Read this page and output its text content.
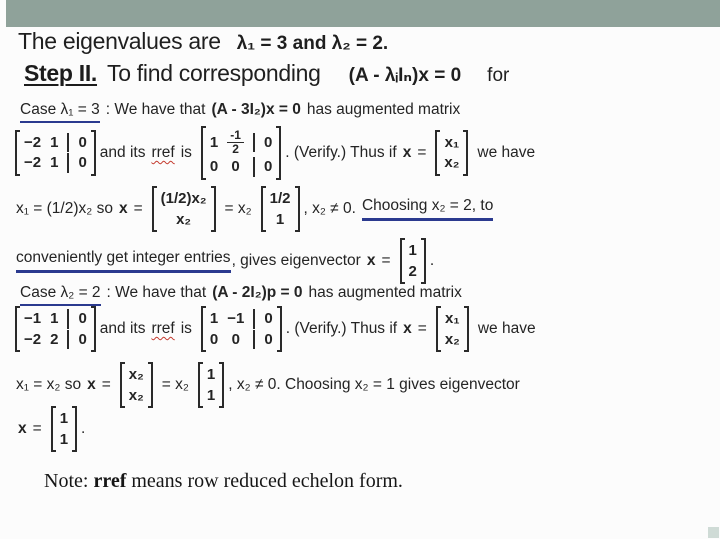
The eigenvalues are λ₁ = 3 and λ₂ = 2.
Step II. To find corresponding (A - λᵢIₙ)x = 0 for
Case λ₁ = 3 : We have that (A - 3I₂)x = 0 has augmented matrix
−2 1	0
−2 1	0
and its rref is
$1 \frac{-1}{2}$	0
0 0	0
. (Verify.) Thus if x =
x₁
x₂
we have
x₁ = (1/2)x₂ so x =
(1/2)x₂
x₂
= x₂
1/2
1
, x₂ ≠ 0. Choosing x₂ = 2, to
conveniently get integer entries , gives eigenvector x =
1
2
.
Case λ₂ = 2 : We have that (A - 2I₂)p = 0 has augmented matrix
−1 1	0
−2 2	0
and its rref is
1 −1	0
0 0	0
. (Verify.) Thus if x =
x₁
x₂
we have
x₁ = x₂ so x =
x₂
x₂
= x₂
1
1
, x₂ ≠ 0. Choosing x₂ = 1 gives eigenvector
x =
1
1
.
Note: rref means row reduced echelon form.
